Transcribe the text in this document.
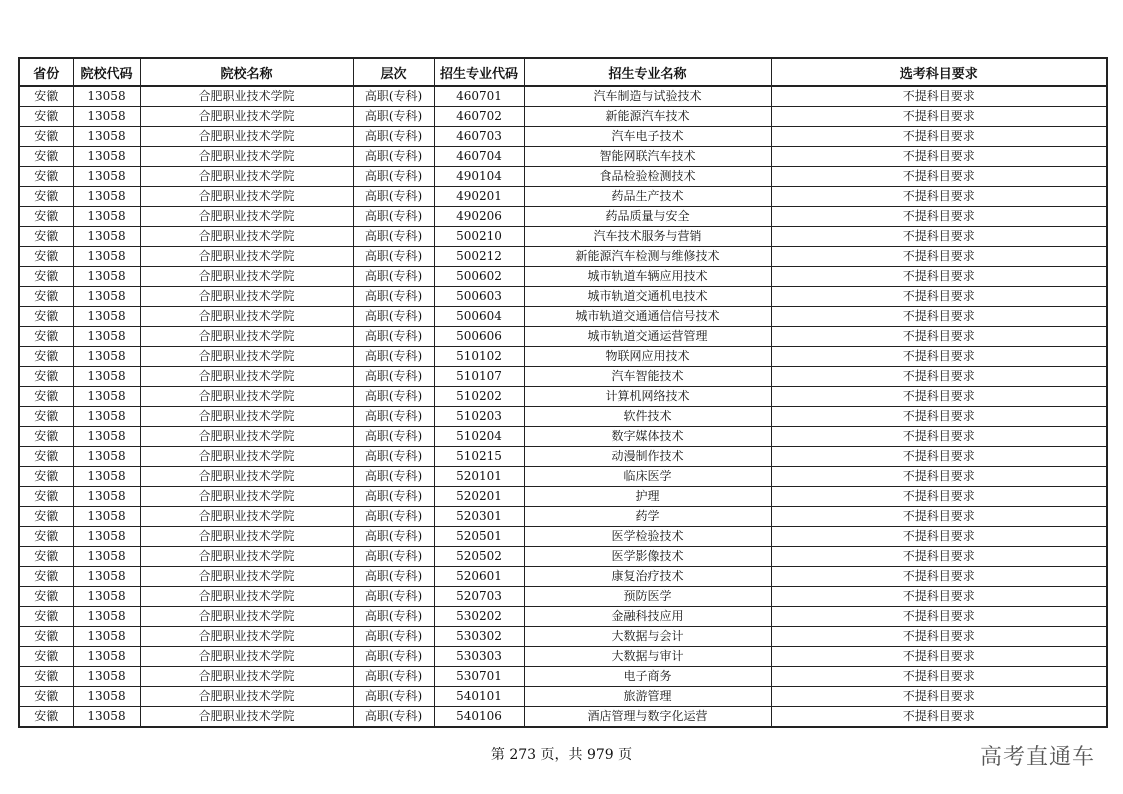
省份	院校代码	院校名称	层次	招生专业代码	招生专业名称	选考科目要求
安徽	13058	合肥职业技术学院	高职(专科)	460701	汽车制造与试验技术	不提科目要求
安徽	13058	合肥职业技术学院	高职(专科)	460702	新能源汽车技术	不提科目要求
安徽	13058	合肥职业技术学院	高职(专科)	460703	汽车电子技术	不提科目要求
安徽	13058	合肥职业技术学院	高职(专科)	460704	智能网联汽车技术	不提科目要求
安徽	13058	合肥职业技术学院	高职(专科)	490104	食品检验检测技术	不提科目要求
安徽	13058	合肥职业技术学院	高职(专科)	490201	药品生产技术	不提科目要求
安徽	13058	合肥职业技术学院	高职(专科)	490206	药品质量与安全	不提科目要求
安徽	13058	合肥职业技术学院	高职(专科)	500210	汽车技术服务与营销	不提科目要求
安徽	13058	合肥职业技术学院	高职(专科)	500212	新能源汽车检测与维修技术	不提科目要求
安徽	13058	合肥职业技术学院	高职(专科)	500602	城市轨道车辆应用技术	不提科目要求
安徽	13058	合肥职业技术学院	高职(专科)	500603	城市轨道交通机电技术	不提科目要求
安徽	13058	合肥职业技术学院	高职(专科)	500604	城市轨道交通通信信号技术	不提科目要求
安徽	13058	合肥职业技术学院	高职(专科)	500606	城市轨道交通运营管理	不提科目要求
安徽	13058	合肥职业技术学院	高职(专科)	510102	物联网应用技术	不提科目要求
安徽	13058	合肥职业技术学院	高职(专科)	510107	汽车智能技术	不提科目要求
安徽	13058	合肥职业技术学院	高职(专科)	510202	计算机网络技术	不提科目要求
安徽	13058	合肥职业技术学院	高职(专科)	510203	软件技术	不提科目要求
安徽	13058	合肥职业技术学院	高职(专科)	510204	数字媒体技术	不提科目要求
安徽	13058	合肥职业技术学院	高职(专科)	510215	动漫制作技术	不提科目要求
安徽	13058	合肥职业技术学院	高职(专科)	520101	临床医学	不提科目要求
安徽	13058	合肥职业技术学院	高职(专科)	520201	护理	不提科目要求
安徽	13058	合肥职业技术学院	高职(专科)	520301	药学	不提科目要求
安徽	13058	合肥职业技术学院	高职(专科)	520501	医学检验技术	不提科目要求
安徽	13058	合肥职业技术学院	高职(专科)	520502	医学影像技术	不提科目要求
安徽	13058	合肥职业技术学院	高职(专科)	520601	康复治疗技术	不提科目要求
安徽	13058	合肥职业技术学院	高职(专科)	520703	预防医学	不提科目要求
安徽	13058	合肥职业技术学院	高职(专科)	530202	金融科技应用	不提科目要求
安徽	13058	合肥职业技术学院	高职(专科)	530302	大数据与会计	不提科目要求
安徽	13058	合肥职业技术学院	高职(专科)	530303	大数据与审计	不提科目要求
安徽	13058	合肥职业技术学院	高职(专科)	530701	电子商务	不提科目要求
安徽	13058	合肥职业技术学院	高职(专科)	540101	旅游管理	不提科目要求
安徽	13058	合肥职业技术学院	高职(专科)	540106	酒店管理与数字化运营	不提科目要求
第 273 页，共 979 页	高考直通车
